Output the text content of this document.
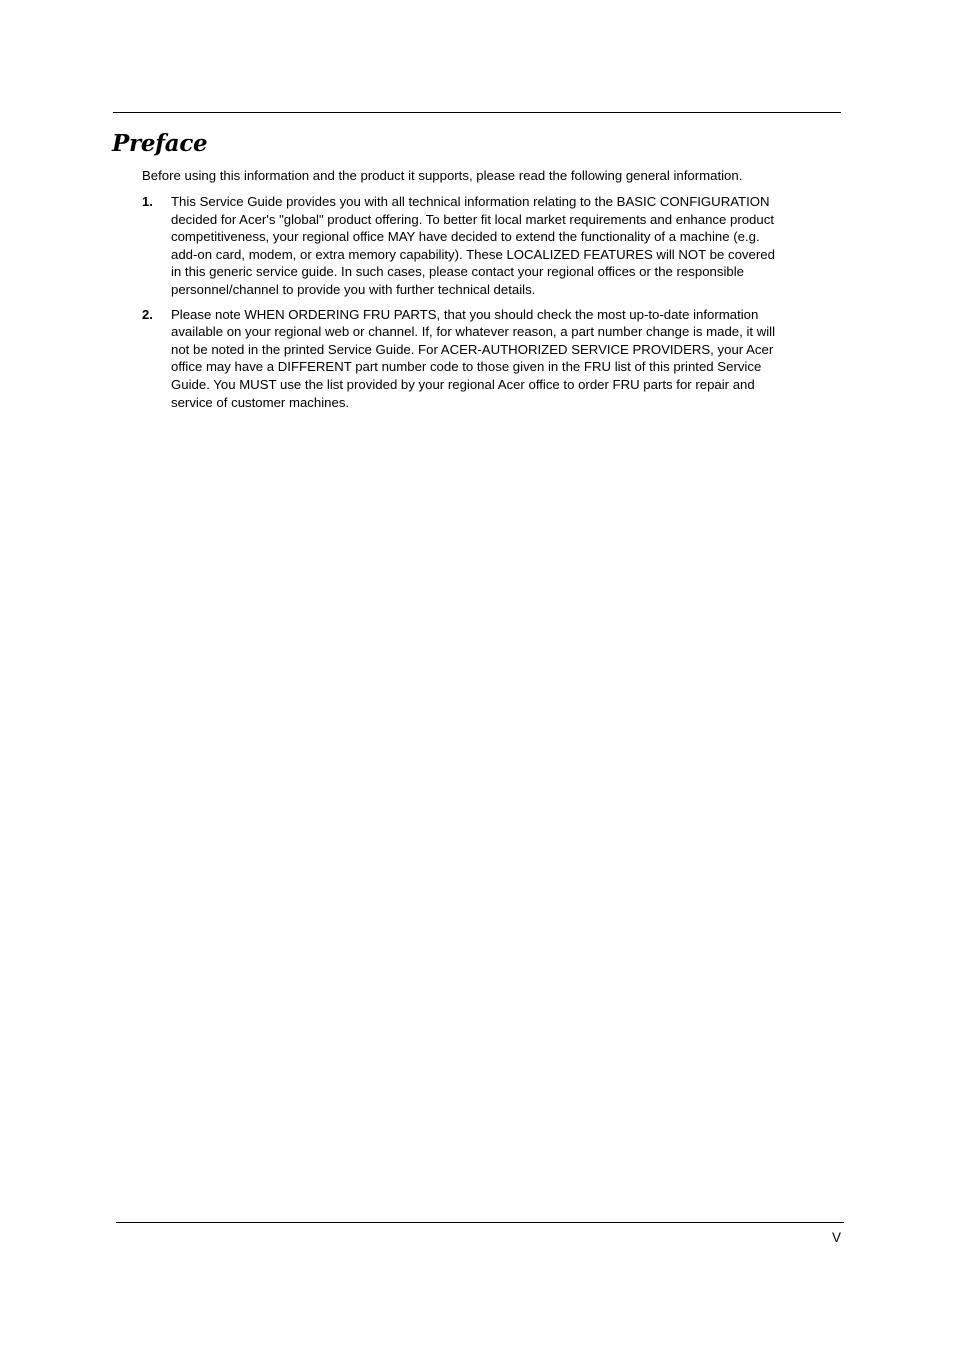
Preface

Before using this information and the product it supports, please read the following general information.

1. This Service Guide provides you with all technical information relating to the BASIC CONFIGURATION
decided for Acer's "global" product offering. To better fit local market requirements and enhance product
competitiveness, your regional office MAY have decided to extend the functionality of a machine (e.g.
add-on card, modem, or extra memory capability). These LOCALIZED FEATURES will NOT be covered
in this generic service guide. In such cases, please contact your regional offices or the responsible
personnel/channel to provide you with further technical details.
2. Please note WHEN ORDERING FRU PARTS, that you should check the most up-to-date information
available on your regional web or channel. If, for whatever reason, a part number change is made, it will
not be noted in the printed Service Guide. For ACER-AUTHORIZED SERVICE PROVIDERS, your Acer
office may have a DIFFERENT part number code to those given in the FRU list of this printed Service
Guide. You MUST use the list provided by your regional Acer office to order FRU parts for repair and
service of customer machines.
V
